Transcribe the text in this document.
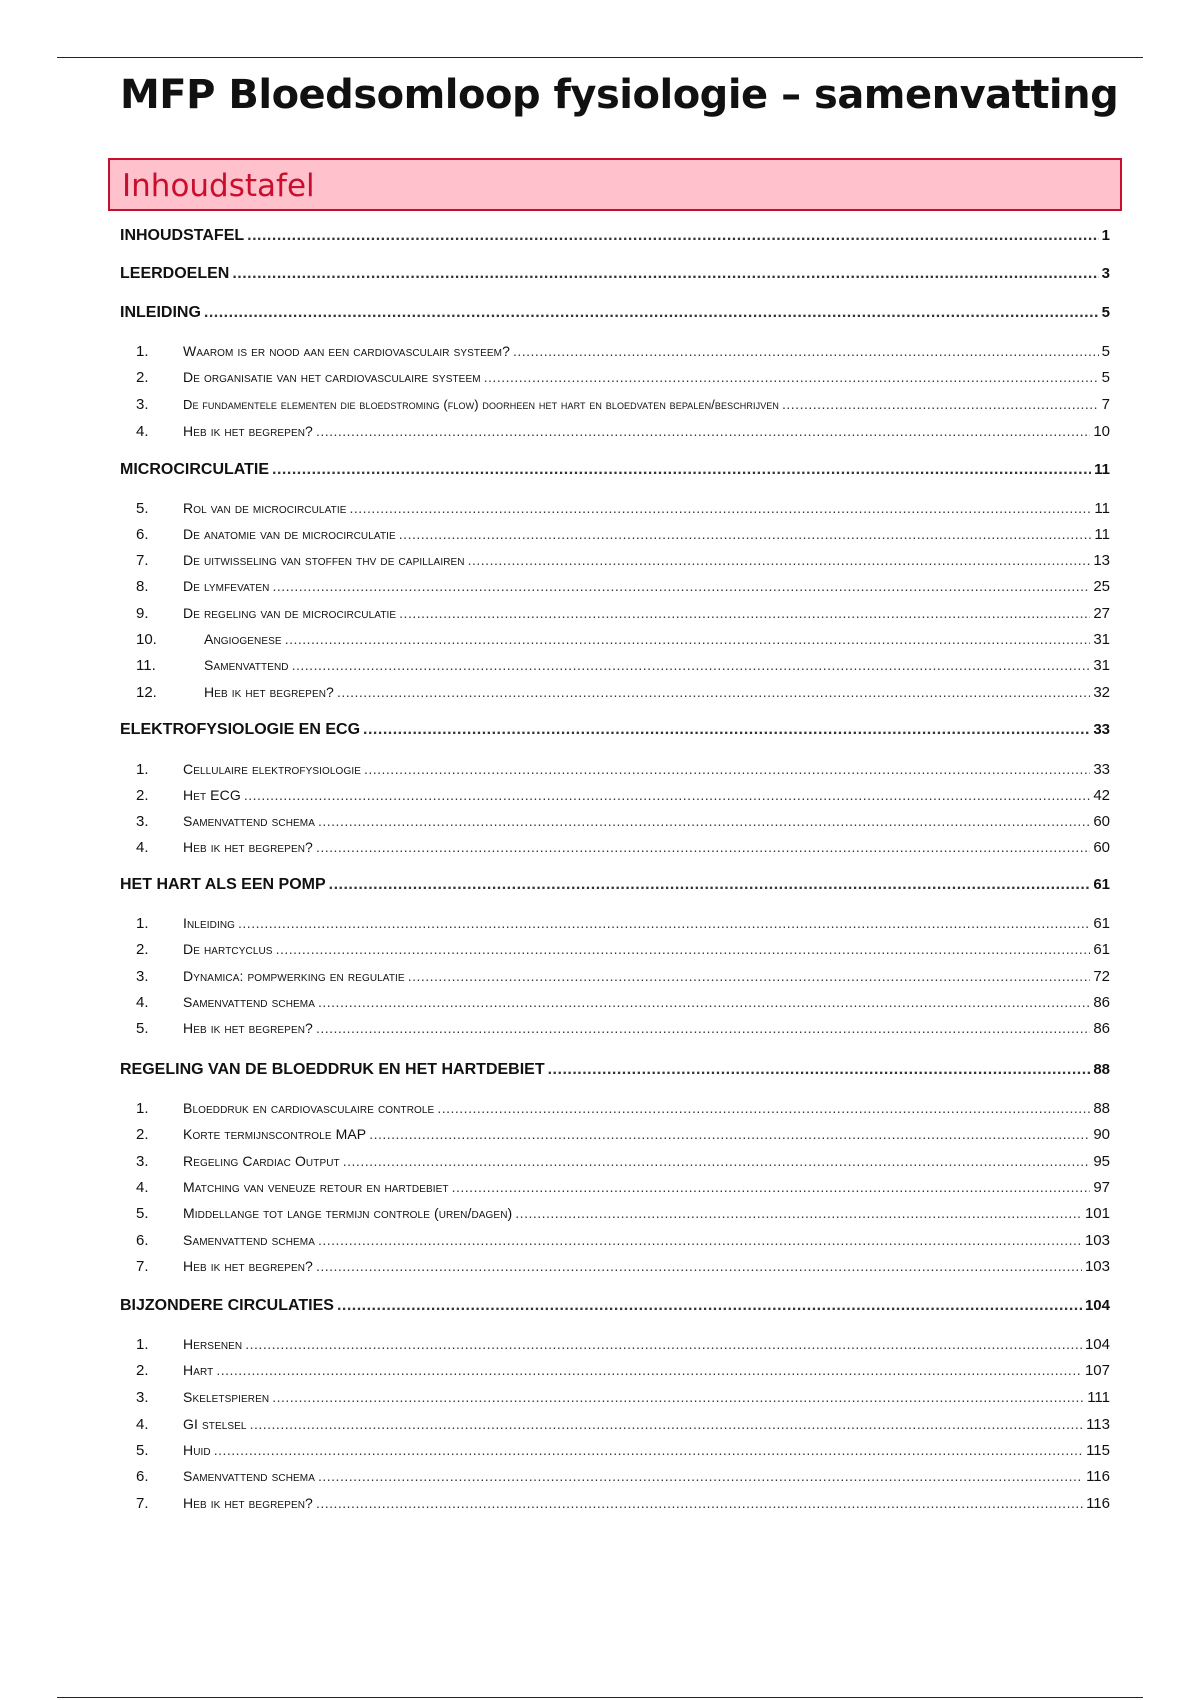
MFP Bloedsomloop fysiologie – samenvatting
Inhoudstafel
INHOUDSTAFEL .....	1
LEERDOELEN .....	3
INLEIDING .....	5
1.	Waarom is er nood aan een cardiovasculair systeem? .....	5
2.	De organisatie van het cardiovasculaire systeem .....	5
3.	De fundamentele elementen die bloedstroming (flow) doorheen het hart en bloedvaten bepalen/beschrijven .....	7
4.	Heb ik het begrepen? .....	10
MICROCIRCULATIE .....	11
5.	Rol van de microcirculatie .....	11
6.	De anatomie van de microcirculatie .....	11
7.	De uitwisseling van stoffen thv de capillairen .....	13
8.	De lymfevaten .....	25
9.	De regeling van de microcirculatie .....	27
10.	Angiogenese .....	31
11.	Samenvattend .....	31
12.	Heb ik het begrepen? .....	32
ELEKTROFYSIOLOGIE EN ECG .....	33
1.	Cellulaire elektrofysiologie .....	33
2.	Het ECG .....	42
3.	Samenvattend schema .....	60
4.	Heb ik het begrepen? .....	60
HET HART ALS EEN POMP .....	61
1.	Inleiding .....	61
2.	De hartcyclus .....	61
3.	Dynamica: pompwerking en regulatie .....	72
4.	Samenvattend schema .....	86
5.	Heb ik het begrepen? .....	86
REGELING VAN DE BLOEDDRUK EN HET HARTDEBIET .....	88
1.	Bloeddruk en cardiovasculaire controle .....	88
2.	Korte termijnscontrole MAP .....	90
3.	Regeling Cardiac Output .....	95
4.	Matching van veneuze retour en hartdebiet .....	97
5.	Middellange tot lange termijn controle (uren/dagen) .....	101
6.	Samenvattend schema .....	103
7.	Heb ik het begrepen? .....	103
BIJZONDERE CIRCULATIES .....	104
1.	Hersenen .....	104
2.	Hart .....	107
3.	Skeletspieren .....	111
4.	GI stelsel .....	113
5.	Huid .....	115
6.	Samenvattend schema .....	116
7.	Heb ik het begrepen? .....	116
